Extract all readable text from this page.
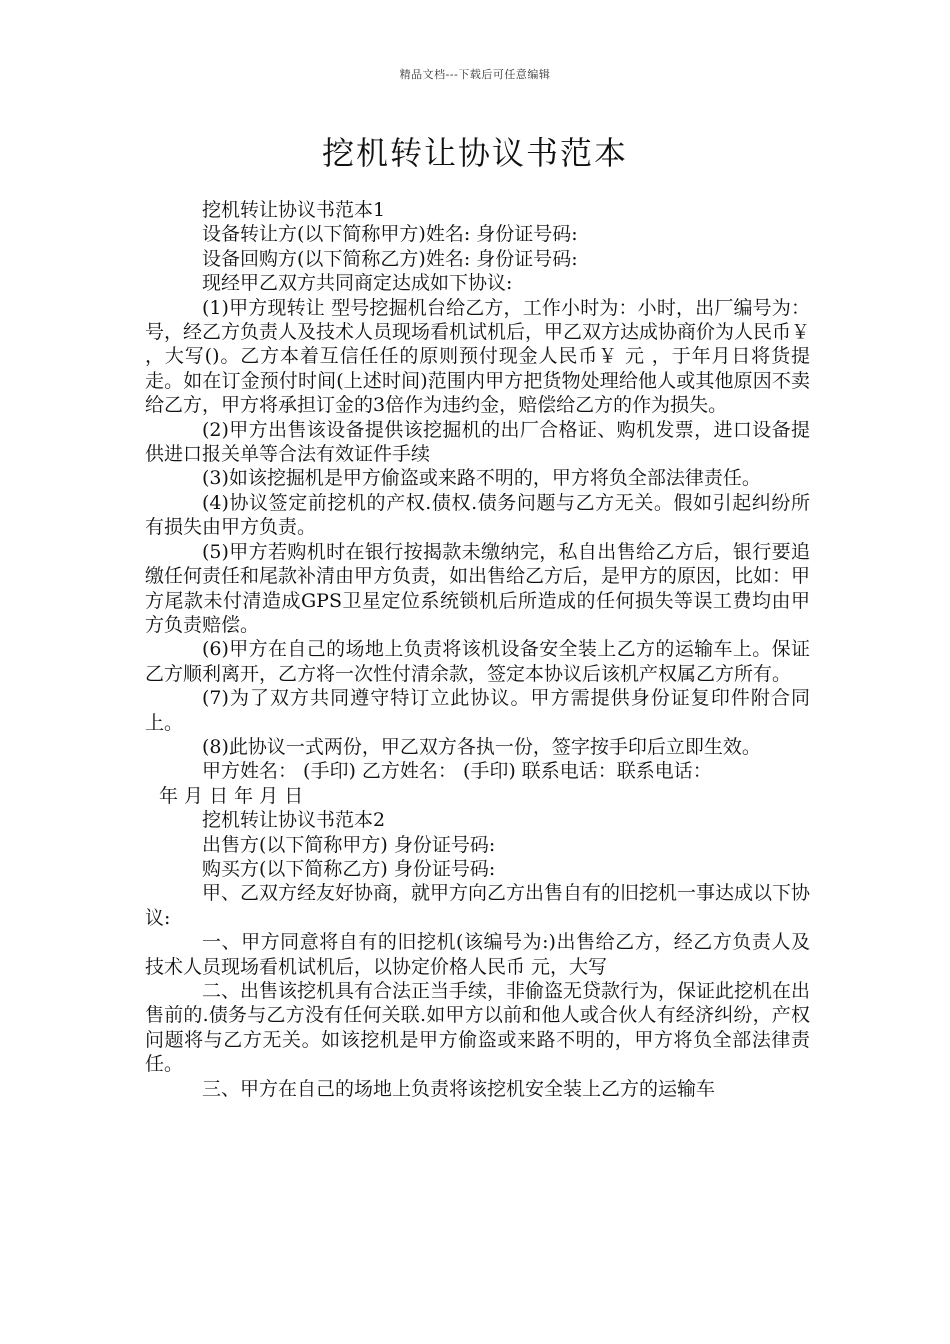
精品文档---下载后可任意编辑
挖机转让协议书范本

挖机转让协议书范本1

设备转让方(以下简称甲方)姓名: 身份证号码:

设备回购方(以下简称乙方)姓名: 身份证号码:

现经甲乙双方共同商定达成如下协议:

(1)甲方现转让 型号挖掘机台给乙方，工作小时为：小时，出厂编号为：号，经乙方负责人及技术人员现场看机试机后，甲乙双方达成协商价为人民币￥ ，大写()。乙方本着互信任任的原则预付现金人民币￥ 元 ，于年月日将货提走。如在订金预付时间(上述时间)范围内甲方把货物处理给他人或其他原因不卖给乙方，甲方将承担订金的3倍作为违约金，赔偿给乙方的作为损失。

(2)甲方出售该设备提供该挖掘机的出厂合格证、购机发票，进口设备提供进口报关单等合法有效证件手续

(3)如该挖掘机是甲方偷盗或来路不明的，甲方将负全部法律责任。

(4)协议签定前挖机的产权.债权.债务问题与乙方无关。假如引起纠纷所有损失由甲方负责。

(5)甲方若购机时在银行按揭款未缴纳完，私自出售给乙方后，银行要追缴任何责任和尾款补清由甲方负责，如出售给乙方后，是甲方的原因，比如：甲方尾款未付清造成GPS卫星定位系统锁机后所造成的任何损失等误工费均由甲方负责赔偿。

(6)甲方在自己的场地上负责将该机设备安全装上乙方的运输车上。保证乙方顺利离开，乙方将一次性付清余款，签定本协议后该机产权属乙方所有。

(7)为了双方共同遵守特订立此协议。甲方需提供身份证复印件附合同上。

(8)此协议一式两份，甲乙双方各执一份，签字按手印后立即生效。

甲方姓名： (手印) 乙方姓名： (手印) 联系电话：联系电话：

年 月 日 年 月 日

挖机转让协议书范本2

出售方(以下简称甲方) 身份证号码:

购买方(以下简称乙方) 身份证号码:

甲、乙双方经友好协商，就甲方向乙方出售自有的旧挖机一事达成以下协议:

一、甲方同意将自有的旧挖机(该编号为:)出售给乙方，经乙方负责人及技术人员现场看机试机后，以协定价格人民币 元，大写

二、出售该挖机具有合法正当手续，非偷盗无贷款行为，保证此挖机在出售前的.债务与乙方没有任何关联.如甲方以前和他人或合伙人有经济纠纷，产权问题将与乙方无关。如该挖机是甲方偷盗或来路不明的，甲方将负全部法律责任。

三、甲方在自己的场地上负责将该挖机安全装上乙方的运输车
